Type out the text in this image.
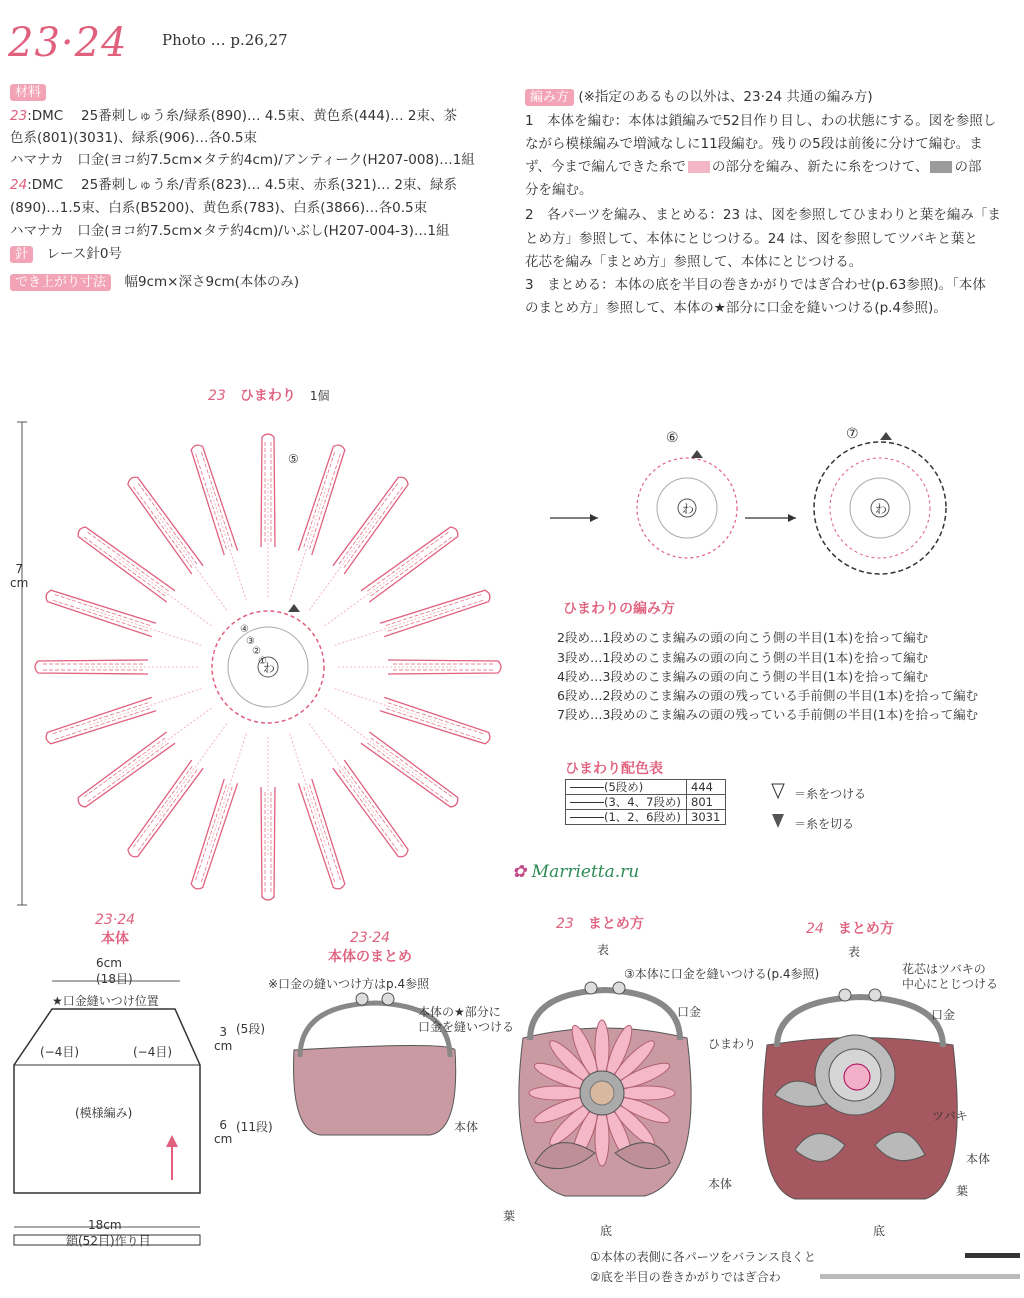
23·24 Photo … p.26,27
材料
23:DMC　 25番刺しゅう糸/緑系(890)… 4.5束、黄色系(444)… 2束、茶
色系(801)(3031)、緑系(906)…各0.5束
ハマナカ　口金(ヨコ約7.5cm×タテ約4cm)/アンティーク(H207-008)…1組
24:DMC　 25番刺しゅう糸/青系(823)… 4.5束、赤系(321)… 2束、緑系
(890)…1.5束、白系(B5200)、黄色系(783)、白系(3866)…各0.5束
ハマナカ　口金(ヨコ約7.5cm×タテ約4cm)/いぶし(H207-004-3)…1組
針　 レース針0号
でき上がり寸法　 幅9cm×深さ9cm(本体のみ)
編み方 (※指定のあるもの以外は、23·24 共通の編み方)
1　本体を編む：本体は鎖編みで52目作り目し、わの状態にする。図を参照し
ながら模様編みで増減なしに11段編む。残りの5段は前後に分けて編む。ま
ず、今まで編んできた糸で の部分を編み、新たに糸をつけて、 の部
分を編む。
2　各パーツを編み、まとめる：23 は、図を参照してひまわりと葉を編み「ま
とめ方」参照して、本体にとじつける。24 は、図を参照してツバキと葉と
花芯を編み「まとめ方」参照して、本体にとじつける。
3　まとめる：本体の底を半目の巻きかがりではぎ合わせ(p.63参照)。「本体
のまとめ方」参照して、本体の★部分に口金を縫いつける(p.4参照)。
23　 ひまわり　 1個
7
cm
わ
わ	わ
④
③
②
①
⑤
⑥	⑦
ひまわりの編み方
2段め…1段めのこま編みの頭の向こう側の半目(1本)を拾って編む
3段め…1段めのこま編みの頭の向こう側の半目(1本)を拾って編む
4段め…3段めのこま編みの頭の向こう側の半目(1本)を拾って編む
6段め…2段めのこま編みの頭の残っている手前側の半目(1本)を拾って編む
7段め…3段めのこま編みの頭の残っている手前側の半目(1本)を拾って編む
ひまわり配色表
(5段め)	444
(3、4、7段め)	801
(1、2、6段め)	3031
＝糸をつける
＝糸を切る
✿ Marrietta.ru
23·24
本体
6cm
(18目)
★口金縫いつけ位置
(−4目)	(−4目)
(模様編み)
3
cm
(5段)
6
cm
(11段)
18cm
鎖(52目)作り目
23·24
本体のまとめ
※口金の縫いつけ方はp.4参照
本体の★部分に
口金を縫いつける
本体
23　 まとめ方
表
③本体に口金を縫いつける(p.4参照)
口金
ひまわり
本体
葉
底
24　 まとめ方
表
花芯はツバキの
中心にとじつける
口金
ツバキ
本体
葉
底
①本体の表側に各パーツをバランス良くと
②底を半目の巻きかがりではぎ合わ
